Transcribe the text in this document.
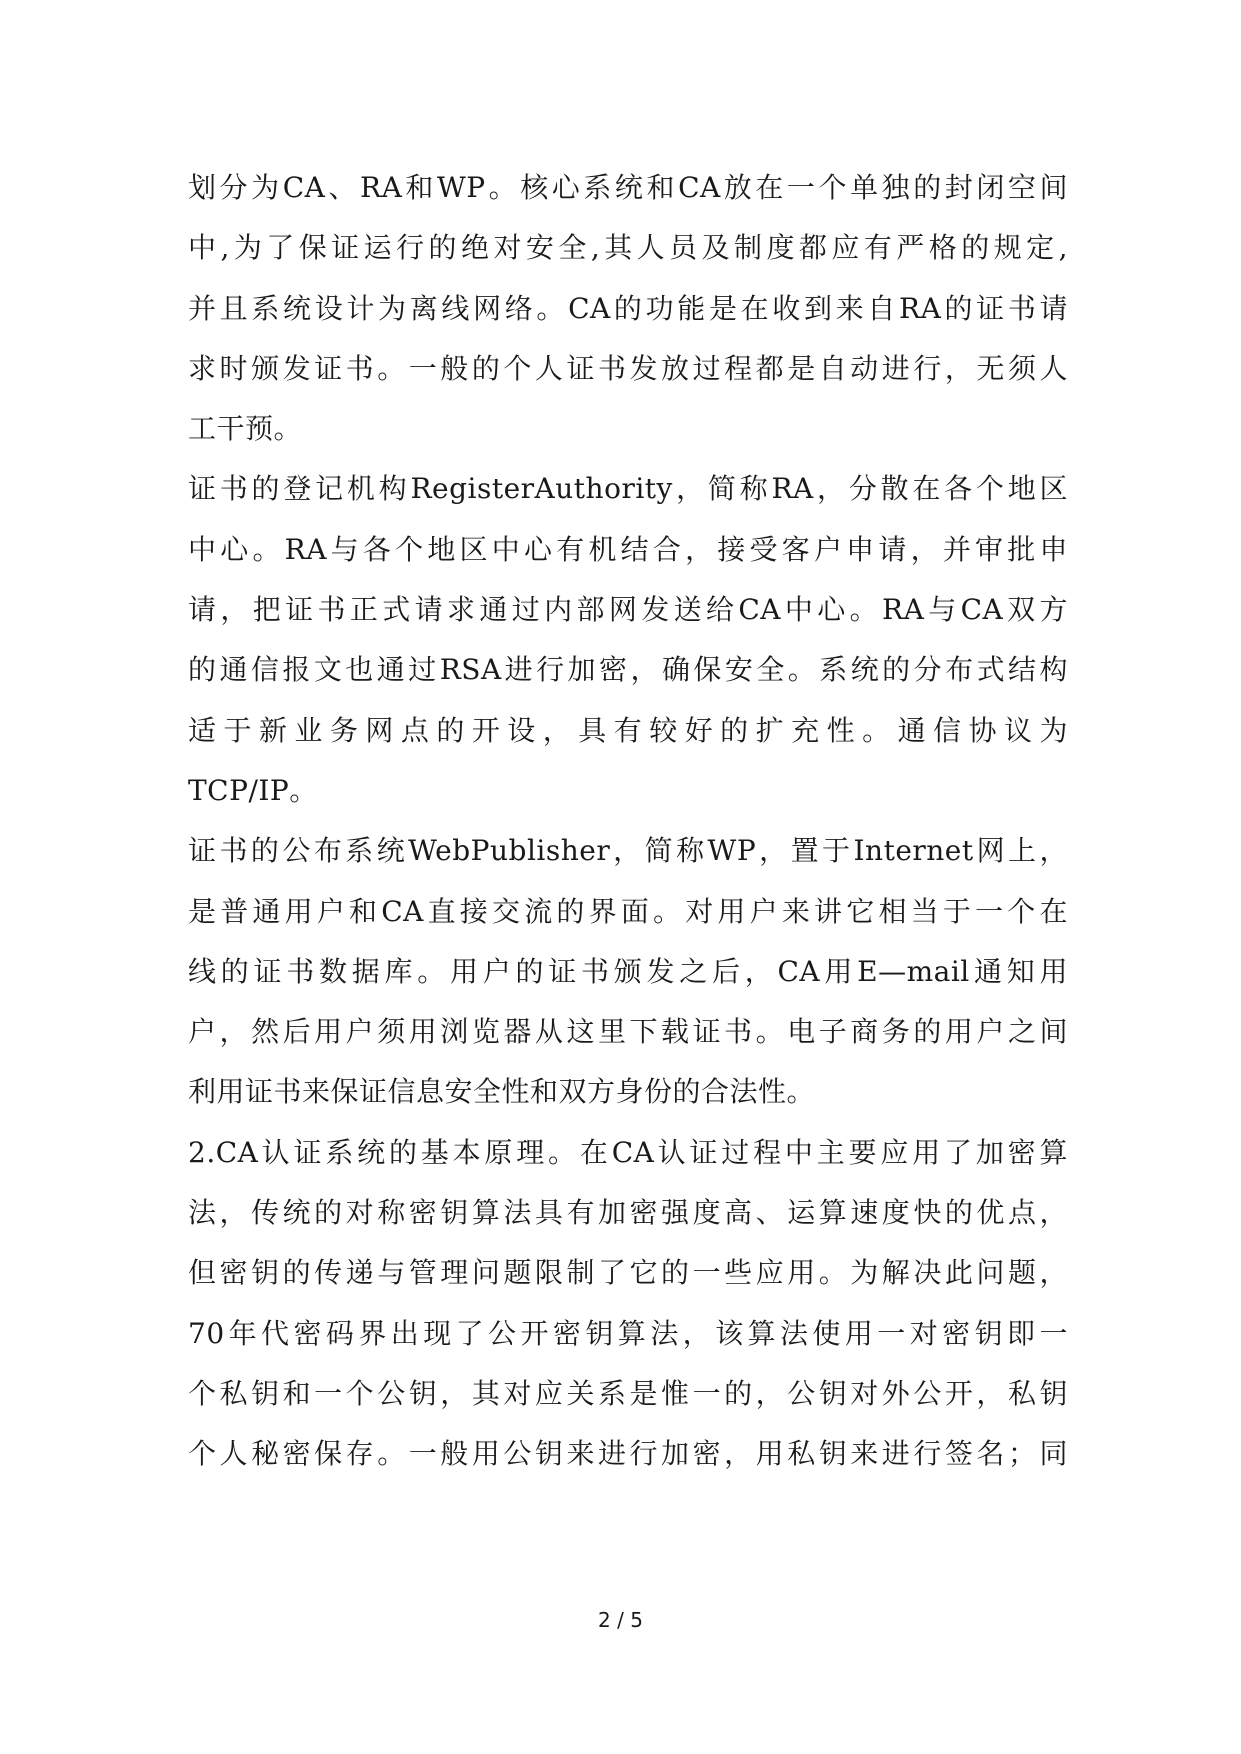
划分为CA、RA和WP。核心系统和CA放在一个单独的封闭空间
中,为了保证运行的绝对安全,其人员及制度都应有严格的规定,
并且系统设计为离线网络。CA的功能是在收到来自RA的证书请
求时颁发证书。一般的个人证书发放过程都是自动进行，无须人
工干预。
证书的登记机构RegisterAuthority，简称RA，分散在各个地区
中心。RA与各个地区中心有机结合，接受客户申请，并审批申
请，把证书正式请求通过内部网发送给CA中心。RA与CA双方
的通信报文也通过RSA进行加密，确保安全。系统的分布式结构
适于新业务网点的开设，具有较好的扩充性。通信协议为
TCP/IP。
证书的公布系统WebPublisher，简称WP，置于Internet网上，
是普通用户和CA直接交流的界面。对用户来讲它相当于一个在
线的证书数据库。用户的证书颁发之后，CA用E—mail通知用
户，然后用户须用浏览器从这里下载证书。电子商务的用户之间
利用证书来保证信息安全性和双方身份的合法性。
2.CA认证系统的基本原理。在CA认证过程中主要应用了加密算
法，传统的对称密钥算法具有加密强度高、运算速度快的优点，
但密钥的传递与管理问题限制了它的一些应用。为解决此问题，
70年代密码界出现了公开密钥算法，该算法使用一对密钥即一
个私钥和一个公钥，其对应关系是惟一的，公钥对外公开，私钥
个人秘密保存。一般用公钥来进行加密，用私钥来进行签名；同
2 / 5
